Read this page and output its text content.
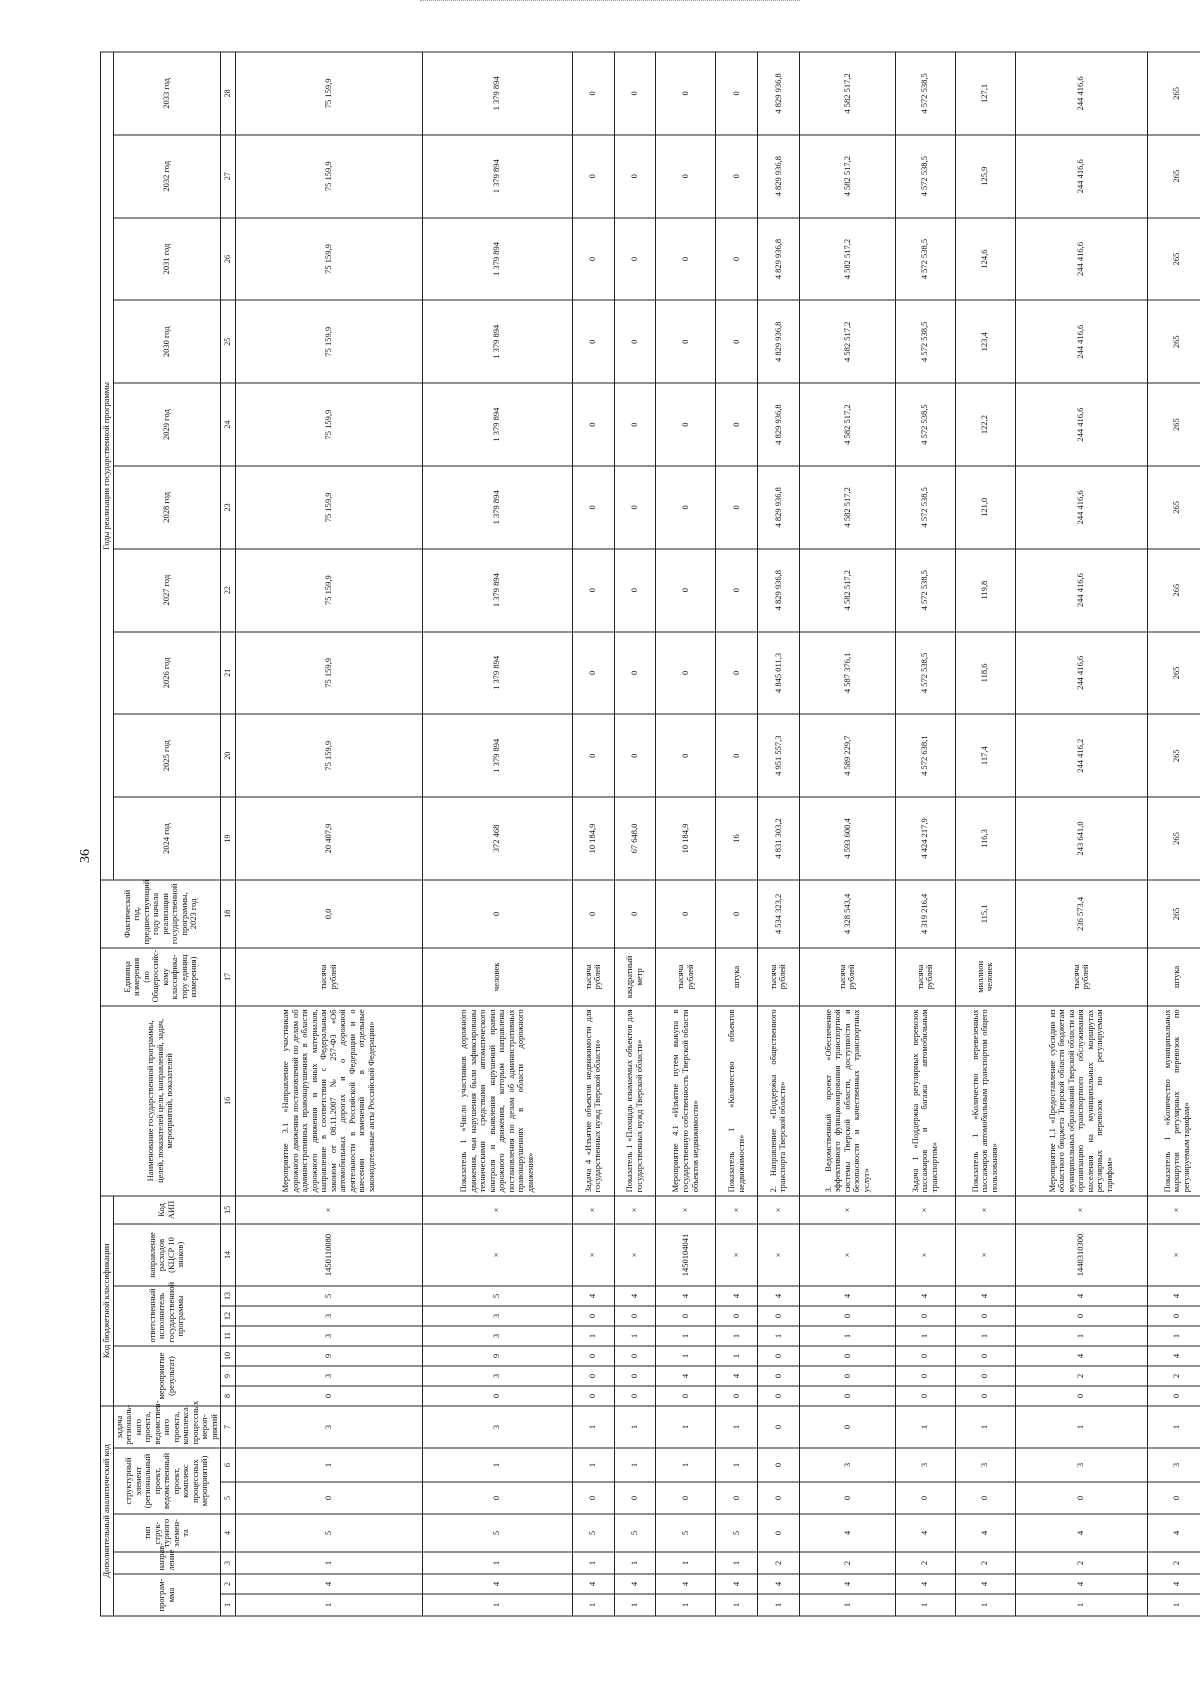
36
Дополнительный аналитический код							Код бюджетной классификации								Наименование государственной программы, целей, показателей цели, направлений, задач, мероприятий, показателей	Единица измерения (по Общероссийс-кому классифика-тору единиц измерения)	Фактический год, предшествующий году начала реализации государственной программы, 2023 год	Годы реализации государственной программы									
програм-мма		направ-ление	тип струк-турного элемен-та	структурный элемент (региональный проект, ведомственный проект, комплекс процессных мероприятий)		задача региональ-ного проекта, ведомствен-ного проекта, комплекса процессных мероп-риятий	мероприятие (результат)			ответственный исполнитель государственной программы			направление расходов (КЦСР 10 знаков)	Код АИП				2024 год	2025 год	2026 год	2027 год	2028 год	2029 год	2030 год	2031 год	2032 год	2033 год

1	2	3	4	5	6	7	8	9	10	11	12	13	14	15	16	17	18	19	20	21	22	23	24	25	26	27	28
1	4	1	5	0	1	3	0	3	9	3	3	5	1450110080	×	Мероприятие 3.1 «Направление участникам дорожного движения постановлений по делам об административных правонарушениях в области дорожного движения и иных материалов, направление в соответствии с Федеральным законом от 08.11.2007 № 257-ФЗ «Об автомобильных дорогах и о дорожной деятельности в Российской Федерации и о внесении изменений в отдельные законодательные акты Российской Федерации»	тысяча рублей	0,0	20 407,9	75 159,9	75 159,9	75 159,9	75 159,9	75 159,9	75 159,9	75 159,9	75 159,9	75 159,9
1	4	1	5	0	1	3	0	3	9	3	3	5	×	×	Показатель 1 «Число участников дорожного движения, чьи нарушения были зафиксированы техническими средствами автоматического контроля и выявления нарушений правил дорожного движения, которым направлены постановления по делам об административных правонарушениях в области дорожного движения»	человек	0	372 468	1 379 894	1 379 894	1 379 894	1 379 894	1 379 894	1 379 894	1 379 894	1 379 894	1 379 894
1	4	1	5	0	1	1	0	0	0	1	0	4	×	×	Задача 4 «Изъятие объектов недвижимости для государственных нужд Тверской области»	тысяча рублей	0	10 184,9	0	0	0	0	0	0	0	0	0
1	4	1	5	0	1	1	0	0	0	1	0	4	×	×	Показатель 1 «Площадь изымаемых объектов для государственных нужд Тверской области»	квадратный метр	0	67 648,0	0	0	0	0	0	0	0	0	0
1	4	1	5	0	1	1	0	4	1	1	0	4	1450104041	×	Мероприятие 4.1 «Изъятие путем выкупа в государственную собственность Тверской области объектов недвижимости»	тысяча рублей	0	10 184,9	0	0	0	0	0	0	0	0	0
1	4	1	5	0	1	1	0	4	1	1	0	4	×	×	Показатель 1 «Количество объектов недвижимости»	штука	0	16	0	0	0	0	0	0	0	0	0
1	4	2	0	0	0	0	0	0	0	1	0	4	×	×	2. Направление «Поддержка общественного транспорта Тверской области»	тысяча рублей	4 534 323,2	4 831 303,2	4 951 557,3	4 845 011,3	4 829 936,8	4 829 936,8	4 829 936,8	4 829 936,8	4 829 936,8	4 829 936,8	4 829 936,8
1	4	2	4	0	3	0	0	0	0	1	0	4	×	×	3. Ведомственный проект «Обеспечение эффективного функционирования транспортной системы Тверской области, доступности и безопасности и качественных транспортных услуг»	тысяча рублей	4 328 543,4	4 593 600,4	4 589 229,7	4 587 376,1	4 582 517,2	4 582 517,2	4 582 517,2	4 582 517,2	4 582 517,2	4 582 517,2	4 582 517,2
1	4	2	4	0	3	1	0	0	0	1	0	4	×	×	Задача 1 «Поддержка регулярных перевозок пассажиров и багажа автомобильным транспортом»	тысяча рублей	4 319 216,4	4 424 217,9	4 572 638,1	4 572 538,5	4 572 538,5	4 572 538,5	4 572 538,5	4 572 538,5	4 572 538,5	4 572 538,5	4 572 538,5
1	4	2	4	0	3	1	0	0	0	1	0	4	×	×	Показатель 1 «Количество перевезенных пассажиров автомобильным транспортом общего пользования»	миллион человек	115,1	116,3	117,4	118,6	119,8	121,0	122,2	123,4	124,6	125,9	127,1
1	4	2	4	0	3	1	0	2	4	1	0	4	1440310300	×	Мероприятие 1.1 «Предоставление субсидии из областного бюджета Тверской области бюджетам муниципальных образований Тверской области на организацию транспортного обслуживания населения на муниципальных маршрутах регулярных перевозок по регулируемым тарифам»	тысяча рублей	236 573,4	243 641,0	244 416,2	244 416,6	244 416,6	244 416,6	244 416,6	244 416,6	244 416,6	244 416,6	244 416,6
1	4	2	4	0	3	1	0	2	4	1	0	4	×	×	Показатель 1 «Количество муниципальных маршрутов регулярных перевозок по регулируемым тарифам»	штука	265	265	265	265	265	265	265	265	265	265	265
